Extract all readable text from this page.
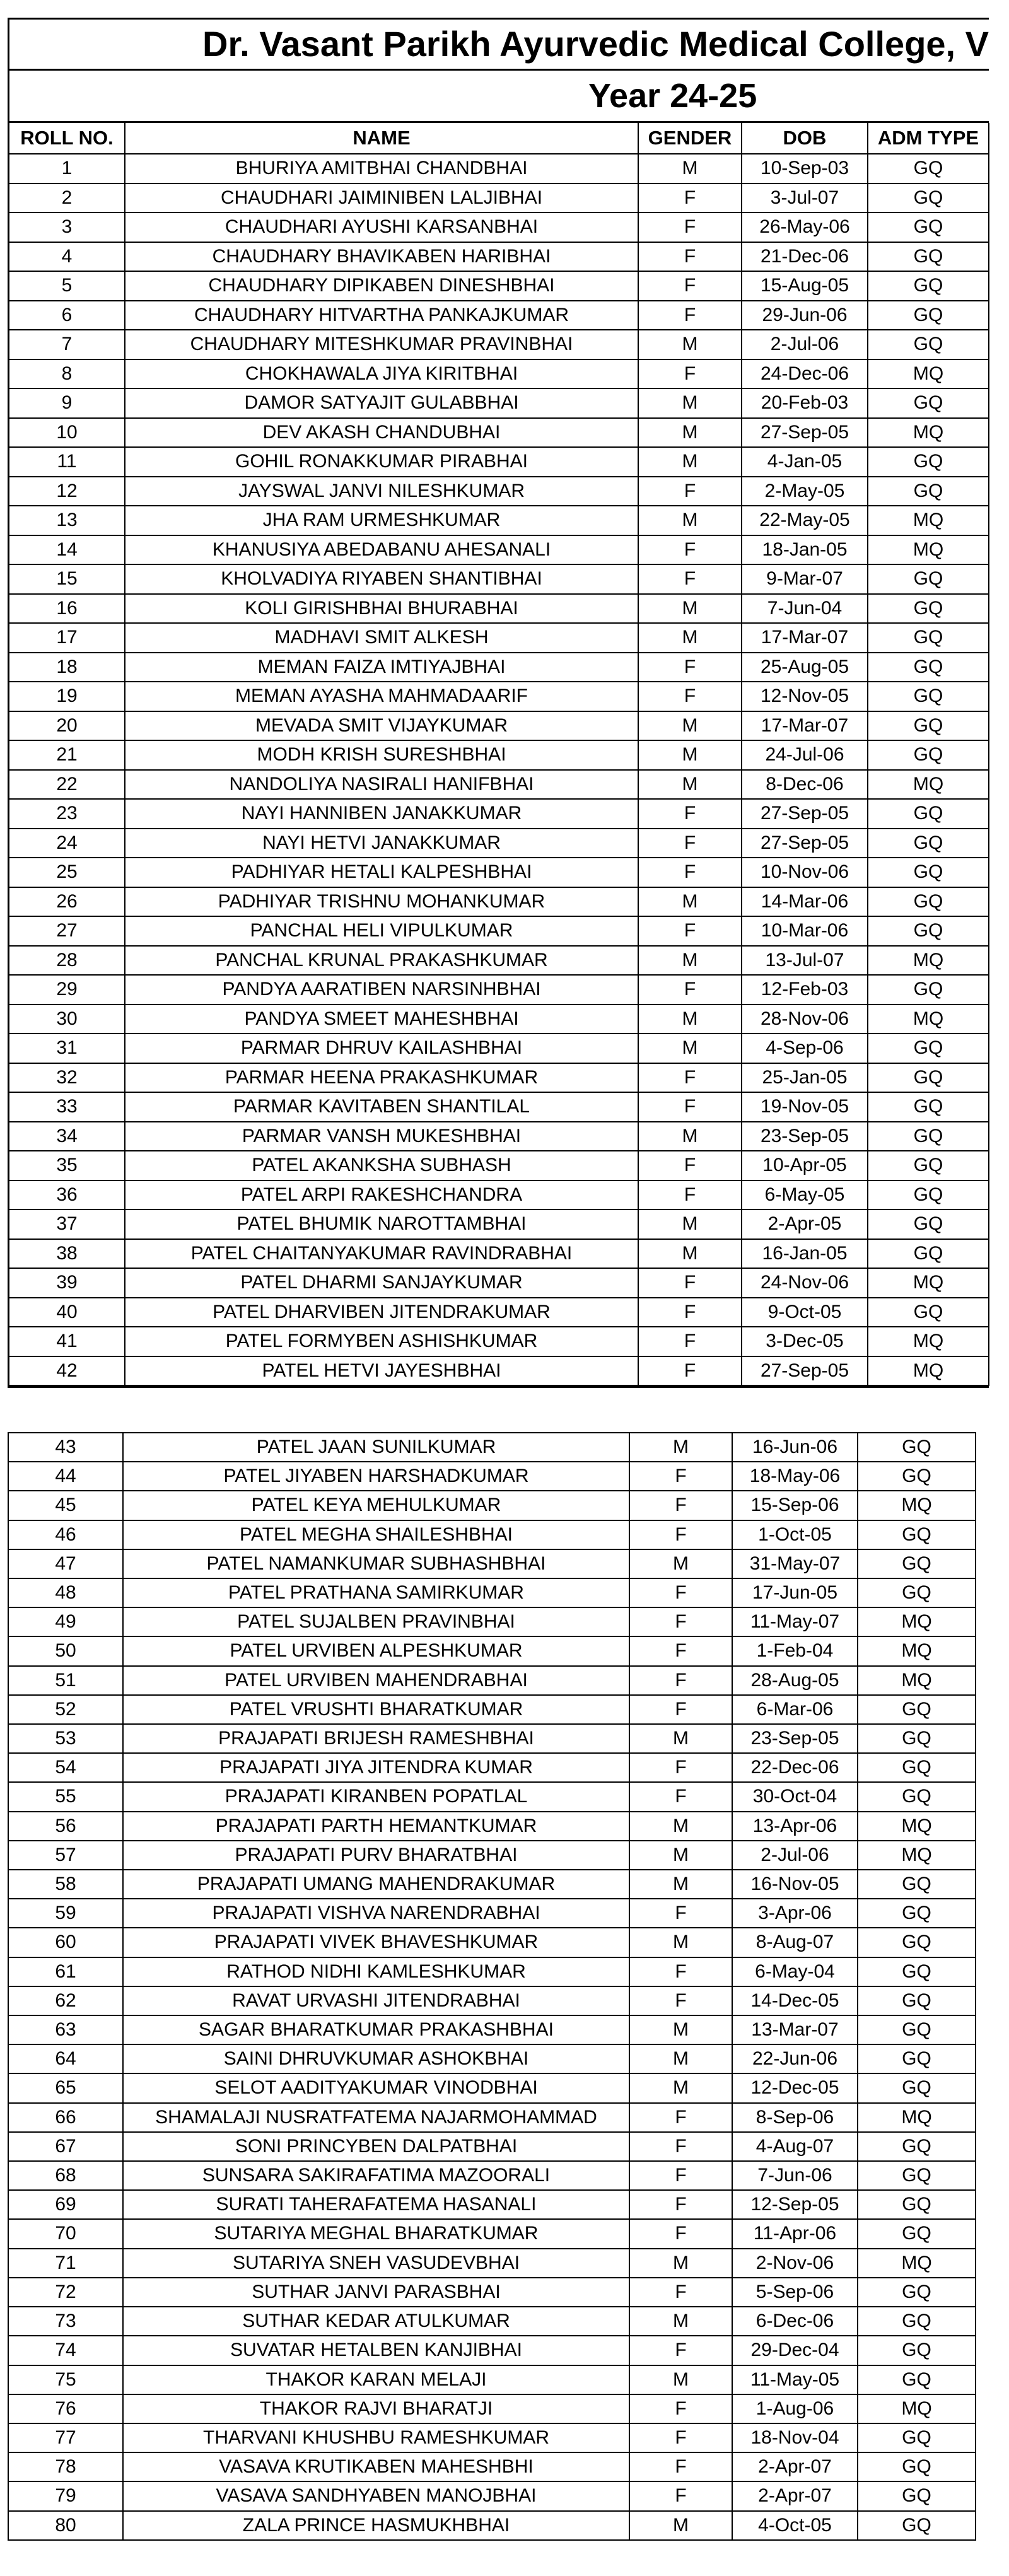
Dr. Vasant Parikh Ayurvedic Medical College, V
Year 24-25
ROLL NO.	NAME	GENDER	DOB	ADM TYPE
1	BHURIYA AMITBHAI CHANDBHAI	M	10-Sep-03	GQ
2	CHAUDHARI JAIMINIBEN LALJIBHAI	F	3-Jul-07	GQ
3	CHAUDHARI AYUSHI KARSANBHAI	F	26-May-06	GQ
4	CHAUDHARY BHAVIKABEN HARIBHAI	F	21-Dec-06	GQ
5	CHAUDHARY DIPIKABEN DINESHBHAI	F	15-Aug-05	GQ
6	CHAUDHARY HITVARTHA PANKAJKUMAR	F	29-Jun-06	GQ
7	CHAUDHARY MITESHKUMAR PRAVINBHAI	M	2-Jul-06	GQ
8	CHOKHAWALA JIYA KIRITBHAI	F	24-Dec-06	MQ
9	DAMOR SATYAJIT GULABBHAI	M	20-Feb-03	GQ
10	DEV AKASH CHANDUBHAI	M	27-Sep-05	MQ
11	GOHIL RONAKKUMAR PIRABHAI	M	4-Jan-05	GQ
12	JAYSWAL JANVI NILESHKUMAR	F	2-May-05	GQ
13	JHA RAM URMESHKUMAR	M	22-May-05	MQ
14	KHANUSIYA ABEDABANU AHESANALI	F	18-Jan-05	MQ
15	KHOLVADIYA RIYABEN SHANTIBHAI	F	9-Mar-07	GQ
16	KOLI GIRISHBHAI BHURABHAI	M	7-Jun-04	GQ
17	MADHAVI SMIT ALKESH	M	17-Mar-07	GQ
18	MEMAN FAIZA IMTIYAJBHAI	F	25-Aug-05	GQ
19	MEMAN AYASHA MAHMADAARIF	F	12-Nov-05	GQ
20	MEVADA SMIT VIJAYKUMAR	M	17-Mar-07	GQ
21	MODH KRISH SURESHBHAI	M	24-Jul-06	GQ
22	NANDOLIYA NASIRALI HANIFBHAI	M	8-Dec-06	MQ
23	NAYI HANNIBEN JANAKKUMAR	F	27-Sep-05	GQ
24	NAYI HETVI JANAKKUMAR	F	27-Sep-05	GQ
25	PADHIYAR HETALI KALPESHBHAI	F	10-Nov-06	GQ
26	PADHIYAR TRISHNU MOHANKUMAR	M	14-Mar-06	GQ
27	PANCHAL HELI VIPULKUMAR	F	10-Mar-06	GQ
28	PANCHAL KRUNAL PRAKASHKUMAR	M	13-Jul-07	MQ
29	PANDYA AARATIBEN NARSINHBHAI	F	12-Feb-03	GQ
30	PANDYA SMEET MAHESHBHAI	M	28-Nov-06	MQ
31	PARMAR DHRUV KAILASHBHAI	M	4-Sep-06	GQ
32	PARMAR HEENA PRAKASHKUMAR	F	25-Jan-05	GQ
33	PARMAR KAVITABEN SHANTILAL	F	19-Nov-05	GQ
34	PARMAR VANSH MUKESHBHAI	M	23-Sep-05	GQ
35	PATEL AKANKSHA SUBHASH	F	10-Apr-05	GQ
36	PATEL ARPI RAKESHCHANDRA	F	6-May-05	GQ
37	PATEL BHUMIK NAROTTAMBHAI	M	2-Apr-05	GQ
38	PATEL CHAITANYAKUMAR RAVINDRABHAI	M	16-Jan-05	GQ
39	PATEL DHARMI SANJAYKUMAR	F	24-Nov-06	MQ
40	PATEL DHARVIBEN JITENDRAKUMAR	F	9-Oct-05	GQ
41	PATEL FORMYBEN ASHISHKUMAR	F	3-Dec-05	MQ
42	PATEL HETVI JAYESHBHAI	F	27-Sep-05	MQ
43	PATEL JAAN SUNILKUMAR	M	16-Jun-06	GQ
44	PATEL JIYABEN HARSHADKUMAR	F	18-May-06	GQ
45	PATEL KEYA MEHULKUMAR	F	15-Sep-06	MQ
46	PATEL MEGHA SHAILESHBHAI	F	1-Oct-05	GQ
47	PATEL NAMANKUMAR SUBHASHBHAI	M	31-May-07	GQ
48	PATEL PRATHANA SAMIRKUMAR	F	17-Jun-05	GQ
49	PATEL SUJALBEN PRAVINBHAI	F	11-May-07	MQ
50	PATEL URVIBEN ALPESHKUMAR	F	1-Feb-04	MQ
51	PATEL URVIBEN MAHENDRABHAI	F	28-Aug-05	MQ
52	PATEL VRUSHTI BHARATKUMAR	F	6-Mar-06	GQ
53	PRAJAPATI BRIJESH RAMESHBHAI	M	23-Sep-05	GQ
54	PRAJAPATI JIYA JITENDRA KUMAR	F	22-Dec-06	GQ
55	PRAJAPATI KIRANBEN POPATLAL	F	30-Oct-04	GQ
56	PRAJAPATI PARTH HEMANTKUMAR	M	13-Apr-06	MQ
57	PRAJAPATI PURV BHARATBHAI	M	2-Jul-06	MQ
58	PRAJAPATI UMANG MAHENDRAKUMAR	M	16-Nov-05	GQ
59	PRAJAPATI VISHVA NARENDRABHAI	F	3-Apr-06	GQ
60	PRAJAPATI VIVEK BHAVESHKUMAR	M	8-Aug-07	GQ
61	RATHOD NIDHI KAMLESHKUMAR	F	6-May-04	GQ
62	RAVAT URVASHI JITENDRABHAI	F	14-Dec-05	GQ
63	SAGAR BHARATKUMAR PRAKASHBHAI	M	13-Mar-07	GQ
64	SAINI DHRUVKUMAR ASHOKBHAI	M	22-Jun-06	GQ
65	SELOT AADITYAKUMAR VINODBHAI	M	12-Dec-05	GQ
66	SHAMALAJI NUSRATFATEMA NAJARMOHAMMAD	F	8-Sep-06	MQ
67	SONI PRINCYBEN DALPATBHAI	F	4-Aug-07	GQ
68	SUNSARA SAKIRAFATIMA MAZOORALI	F	7-Jun-06	GQ
69	SURATI TAHERAFATEMA HASANALI	F	12-Sep-05	GQ
70	SUTARIYA MEGHAL BHARATKUMAR	F	11-Apr-06	GQ
71	SUTARIYA SNEH VASUDEVBHAI	M	2-Nov-06	MQ
72	SUTHAR JANVI PARASBHAI	F	5-Sep-06	GQ
73	SUTHAR KEDAR ATULKUMAR	M	6-Dec-06	GQ
74	SUVATAR HETALBEN KANJIBHAI	F	29-Dec-04	GQ
75	THAKOR KARAN MELAJI	M	11-May-05	GQ
76	THAKOR RAJVI BHARATJI	F	1-Aug-06	MQ
77	THARVANI KHUSHBU RAMESHKUMAR	F	18-Nov-04	GQ
78	VASAVA KRUTIKABEN MAHESHBHI	F	2-Apr-07	GQ
79	VASAVA SANDHYABEN MANOJBHAI	F	2-Apr-07	GQ
80	ZALA PRINCE HASMUKHBHAI	M	4-Oct-05	GQ
